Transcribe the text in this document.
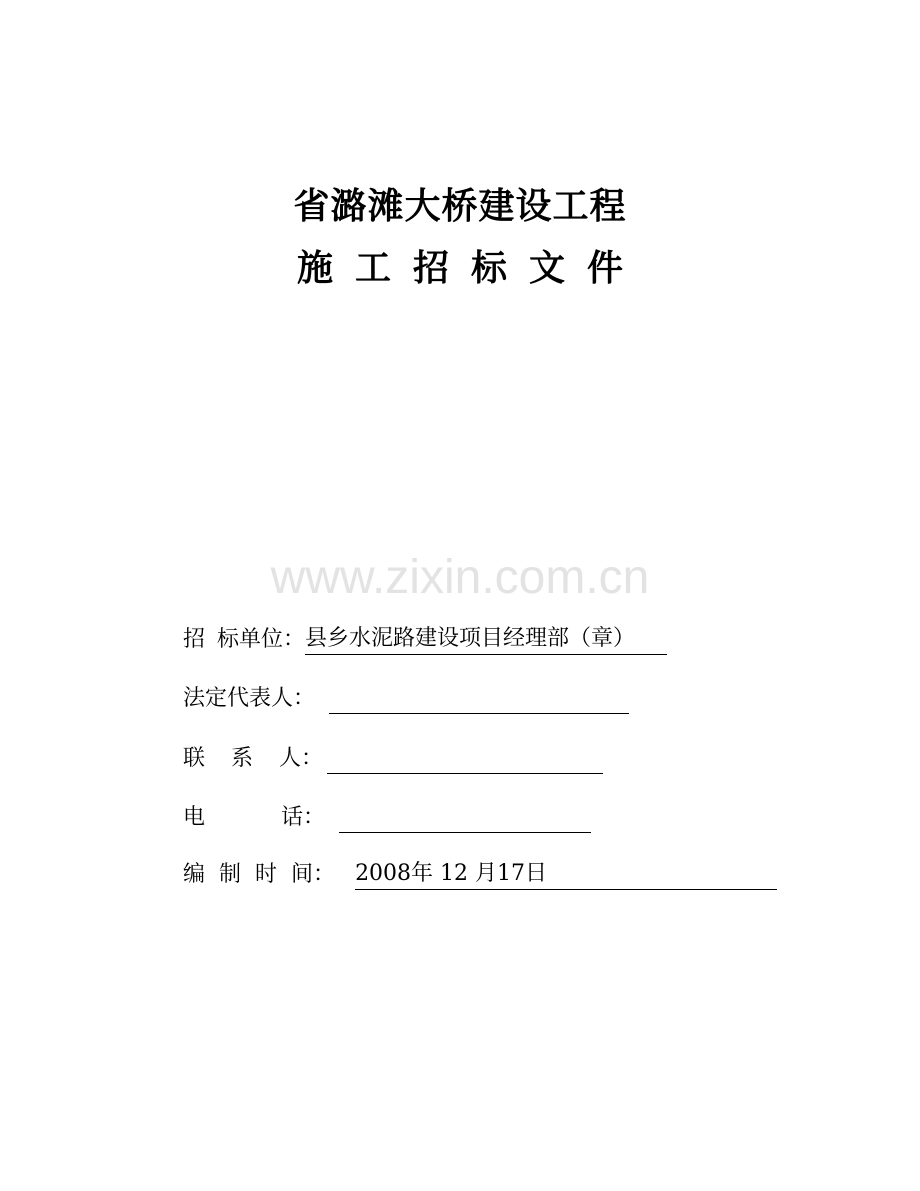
省潞滩大桥建设工程
施工招标文件
www.zixin.com.cn
招 标单位：县乡水泥路建设项目经理部（章）
法定代表人：
联 系 人：
电	话：
编 制 时 间： 2008年 12 月17日
